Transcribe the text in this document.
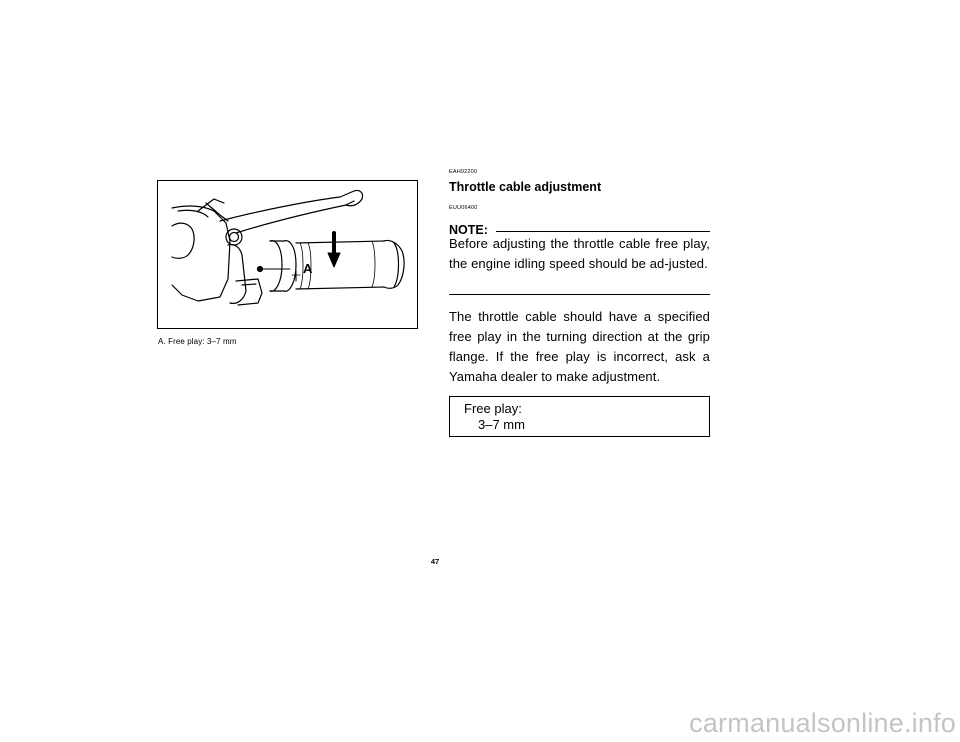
A
A. Free play: 3–7 mm
EAH92200
Throttle cable adjustment
EUU06400
NOTE:

Before adjusting the throttle cable free play, the engine idling speed should be ad-justed.

The throttle cable should have a specified free play in the turning direction at the grip flange. If the free play is incorrect, ask a Yamaha dealer to make adjustment.

Free play:
3–7 mm
47
carmanualsonline.info
